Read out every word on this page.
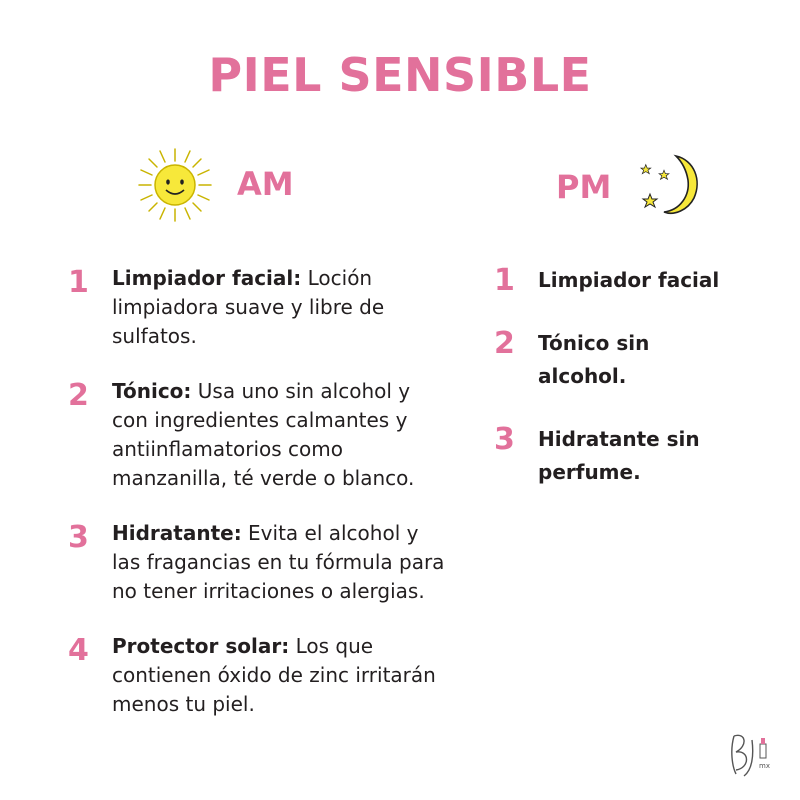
PIEL SENSIBLE
AM	PM
1 Limpiador facial: Loción limpiadora suave y libre de sulfatos.
2 Tónico: Usa uno sin alcohol y con ingredientes calmantes y antiinflamatorios como manzanilla, té verde o blanco.
3 Hidratante: Evita el alcohol y las fragancias en tu fórmula para no tener irritaciones o alergias.
4 Protector solar: Los que contienen óxido de zinc irritarán menos tu piel.
1 Limpiador facial
2 Tónico sin alcohol.
3 Hidratante sin perfume.
mx
